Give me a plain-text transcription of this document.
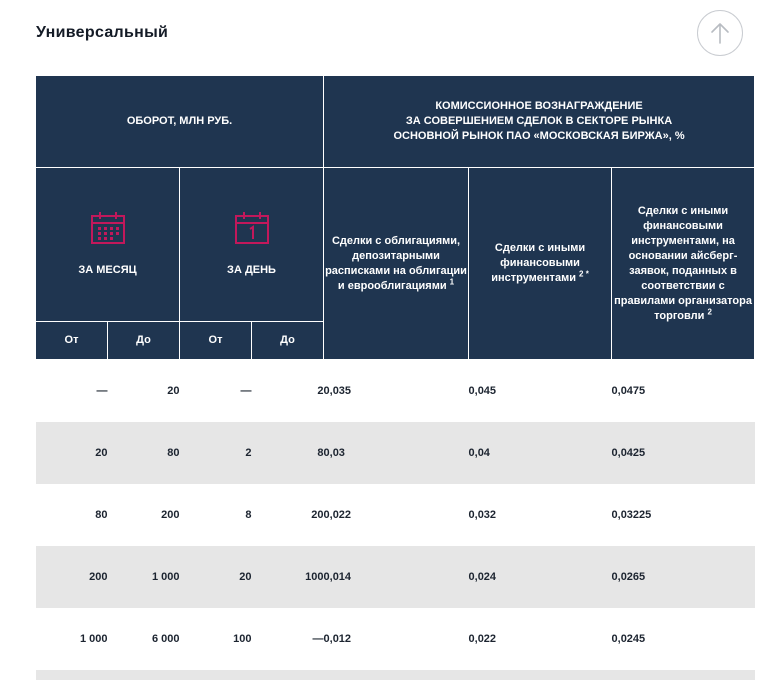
Универсальный
ОБОРОТ, МЛН РУБ.				КОМИССИОННОЕ ВОЗНАГРАЖДЕНИЕ
ЗА СОВЕРШЕНИЕМ СДЕЛОК В СЕКТОРЕ РЫНКА
ОСНОВНОЙ РЫНОК ПАО «МОСКОВСКАЯ БИРЖА», %		

ЗА МЕСЯЦ		ЗА ДЕНЬ		Сделки с облигациями, депозитарными расписками на облигации и еврооблигациями $^1$	Сделки с иными финансовыми инструментами $^{2 *}$	Сделки с иными финансовыми инструментами, на основании айсберг-заявок, поданных в соответствии с правилами организатора торговли $^2$
От	До	От	До			
—	20	—	2	0,035	0,045	0,0475
20	80	2	8	0,03	0,04	0,0425
80	200	8	20	0,022	0,032	0,03225
200	1 000	20	100	0,014	0,024	0,0265
1 000	6 000	100	—	0,012	0,022	0,0245
